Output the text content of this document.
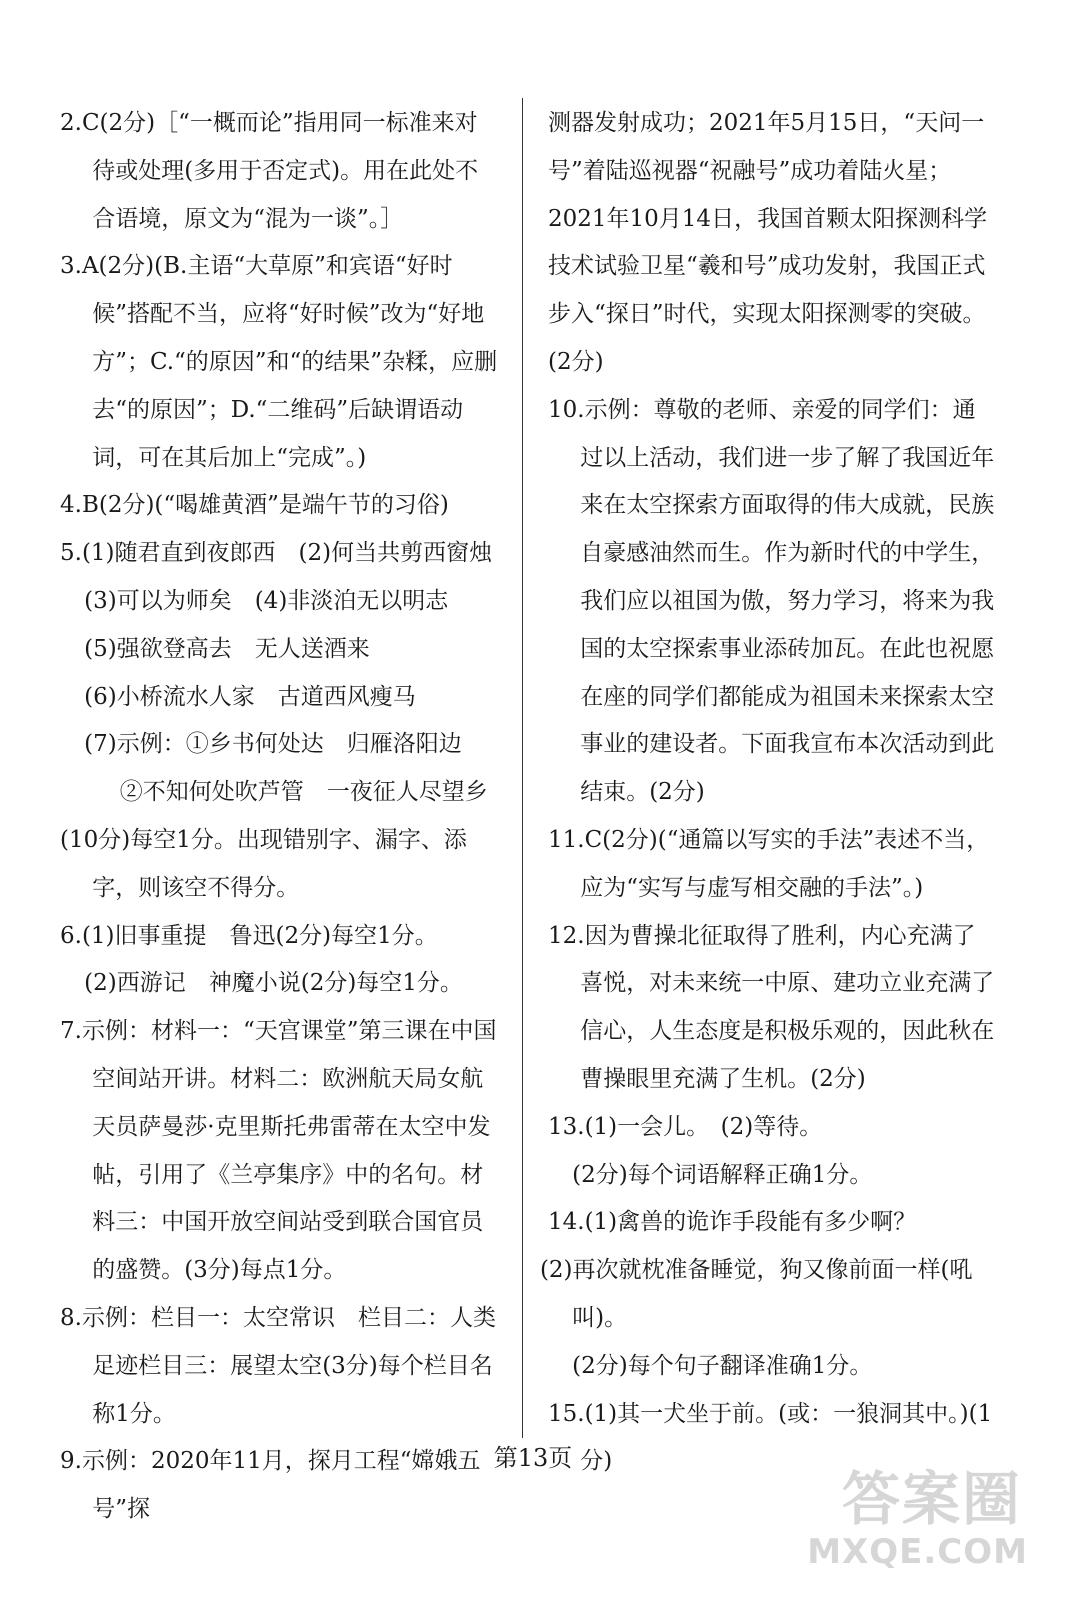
2.C(2分)［“一概而论”指用同一标准来对待或处理(多用于否定式)。用在此处不合语境，原文为“混为一谈”。］

3.A(2分)(B.主语“大草原”和宾语“好时候”搭配不当，应将“好时候”改为“好地方”；C.“的原因”和“的结果”杂糅，应删去“的原因”；D.“二维码”后缺谓语动词，可在其后加上“完成”。)

4.B(2分)(“喝雄黄酒”是端午节的习俗)

5.(1)随君直到夜郎西　(2)何当共剪西窗烛

(3)可以为师矣　(4)非淡泊无以明志

(5)强欲登高去　无人送酒来

(6)小桥流水人家　古道西风瘦马

(7)示例：①乡书何处达　归雁洛阳边

②不知何处吹芦管　一夜征人尽望乡

(10分)每空1分。出现错别字、漏字、添字，则该空不得分。

6.(1)旧事重提　鲁迅(2分)每空1分。

(2)西游记　神魔小说(2分)每空1分。

7.示例：材料一：“天宫课堂”第三课在中国空间站开讲。材料二：欧洲航天局女航天员萨曼莎·克里斯托弗雷蒂在太空中发帖，引用了《兰亭集序》中的名句。材料三：中国开放空间站受到联合国官员的盛赞。(3分)每点1分。

8.示例：栏目一：太空常识　栏目二：人类足迹栏目三：展望太空(3分)每个栏目名称1分。

9.示例：2020年11月，探月工程“嫦娥五号”探

测器发射成功；2021年5月15日，“天问一号”着陆巡视器“祝融号”成功着陆火星；2021年10月14日，我国首颗太阳探测科学技术试验卫星“羲和号”成功发射，我国正式步入“探日”时代，实现太阳探测零的突破。(2分)

10.示例：尊敬的老师、亲爱的同学们：通过以上活动，我们进一步了解了我国近年来在太空探索方面取得的伟大成就，民族自豪感油然而生。作为新时代的中学生，我们应以祖国为傲，努力学习，将来为我国的太空探索事业添砖加瓦。在此也祝愿在座的同学们都能成为祖国未来探索太空事业的建设者。下面我宣布本次活动到此结束。(2分)

11.C(2分)(“通篇以写实的手法”表述不当，应为“实写与虚写相交融的手法”。)

12.因为曹操北征取得了胜利，内心充满了喜悦，对未来统一中原、建功立业充满了信心，人生态度是积极乐观的，因此秋在曹操眼里充满了生机。(2分)

13.(1)一会儿。　(2)等待。

(2分)每个词语解释正确1分。

14.(1)禽兽的诡诈手段能有多少啊？

(2)再次就枕准备睡觉，狗又像前面一样(吼叫)。

(2分)每个句子翻译准确1分。

15.(1)其一犬坐于前。(或：一狼洞其中。)(1分)

第13页
答案圈
MXQE.COM
